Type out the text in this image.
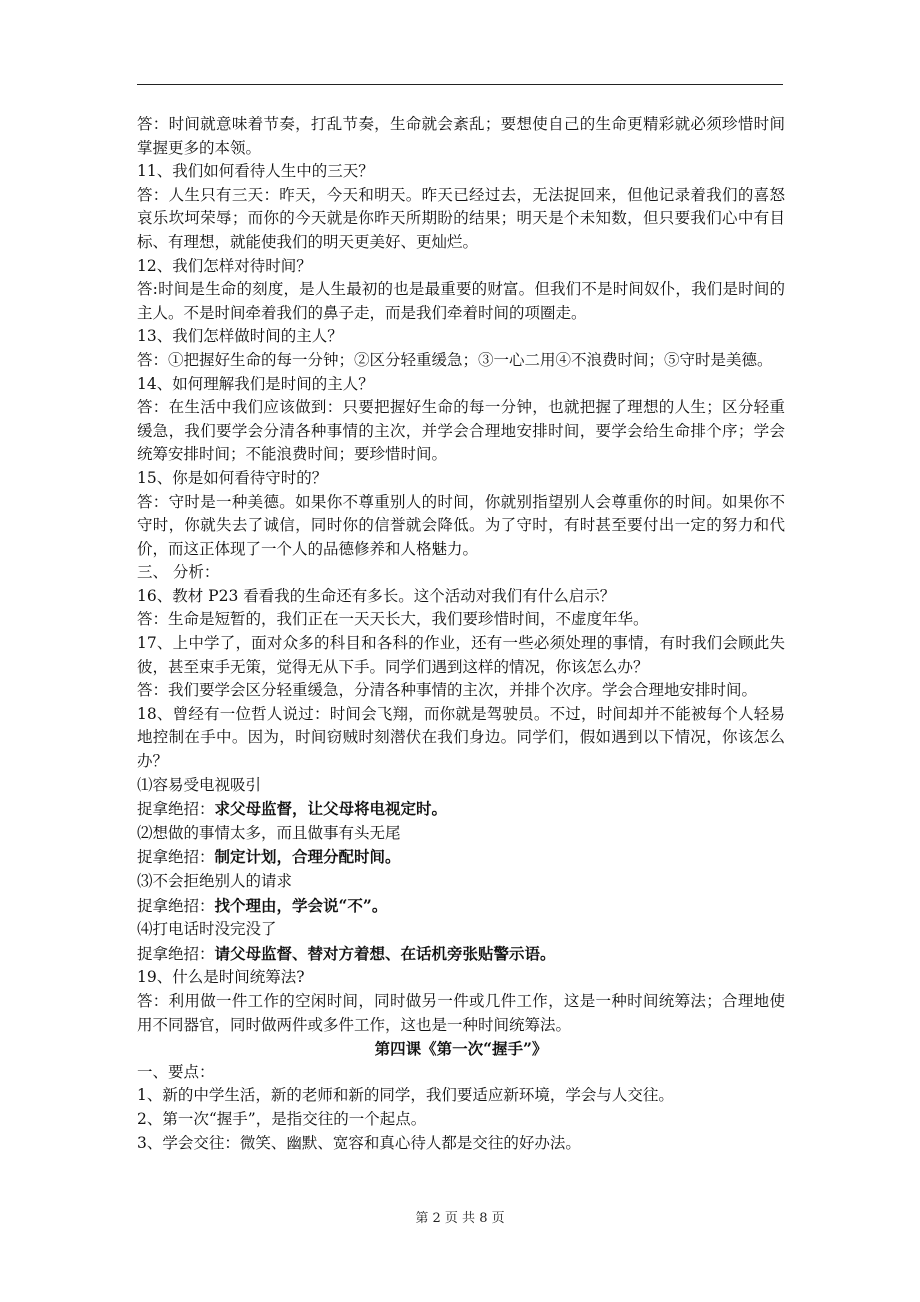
答：时间就意味着节奏，打乱节奏，生命就会紊乱；要想使自己的生命更精彩就必须珍惜时间掌握更多的本领。

11、我们如何看待人生中的三天？

答：人生只有三天：昨天，今天和明天。昨天已经过去，无法捉回来，但他记录着我们的喜怒哀乐坎坷荣辱；而你的今天就是你昨天所期盼的结果；明天是个未知数，但只要我们心中有目标、有理想，就能使我们的明天更美好、更灿烂。

12、我们怎样对待时间？

答:时间是生命的刻度，是人生最初的也是最重要的财富。但我们不是时间奴仆，我们是时间的主人。不是时间牵着我们的鼻子走，而是我们牵着时间的项圈走。

13、我们怎样做时间的主人？

答：①把握好生命的每一分钟；②区分轻重缓急；③一心二用④不浪费时间；⑤守时是美德。

14、如何理解我们是时间的主人？

答：在生活中我们应该做到：只要把握好生命的每一分钟，也就把握了理想的人生；区分轻重缓急，我们要学会分清各种事情的主次，并学会合理地安排时间，要学会给生命排个序；学会统筹安排时间；不能浪费时间；要珍惜时间。

15、你是如何看待守时的？

答：守时是一种美德。如果你不尊重别人的时间，你就别指望别人会尊重你的时间。如果你不守时，你就失去了诚信，同时你的信誉就会降低。为了守时，有时甚至要付出一定的努力和代价，而这正体现了一个人的品德修养和人格魅力。

三、 分析：

16、教材 P23 看看我的生命还有多长。这个活动对我们有什么启示？

答：生命是短暂的，我们正在一天天长大，我们要珍惜时间，不虚度年华。

17、上中学了，面对众多的科目和各科的作业，还有一些必须处理的事情，有时我们会顾此失彼，甚至束手无策，觉得无从下手。同学们遇到这样的情况，你该怎么办？

答：我们要学会区分轻重缓急，分清各种事情的主次，并排个次序。学会合理地安排时间。

18、曾经有一位哲人说过：时间会飞翔，而你就是驾驶员。不过，时间却并不能被每个人轻易地控制在手中。因为，时间窃贼时刻潜伏在我们身边。同学们，假如遇到以下情况，你该怎么办？

⑴容易受电视吸引

捉拿绝招：求父母监督，让父母将电视定时。

⑵想做的事情太多，而且做事有头无尾

捉拿绝招：制定计划，合理分配时间。

⑶不会拒绝别人的请求

捉拿绝招：找个理由，学会说“不”。

⑷打电话时没完没了

捉拿绝招：请父母监督、替对方着想、在话机旁张贴警示语。

19、什么是时间统筹法?

答：利用做一件工作的空闲时间，同时做另一件或几件工作，这是一种时间统筹法；合理地使用不同器官，同时做两件或多件工作，这也是一种时间统筹法。

第四课《第一次“握手”》

一、要点：

1、新的中学生活，新的老师和新的同学，我们要适应新环境，学会与人交往。

2、第一次“握手”，是指交往的一个起点。

3、学会交往：微笑、幽默、宽容和真心待人都是交往的好办法。

第 2 页 共 8 页
